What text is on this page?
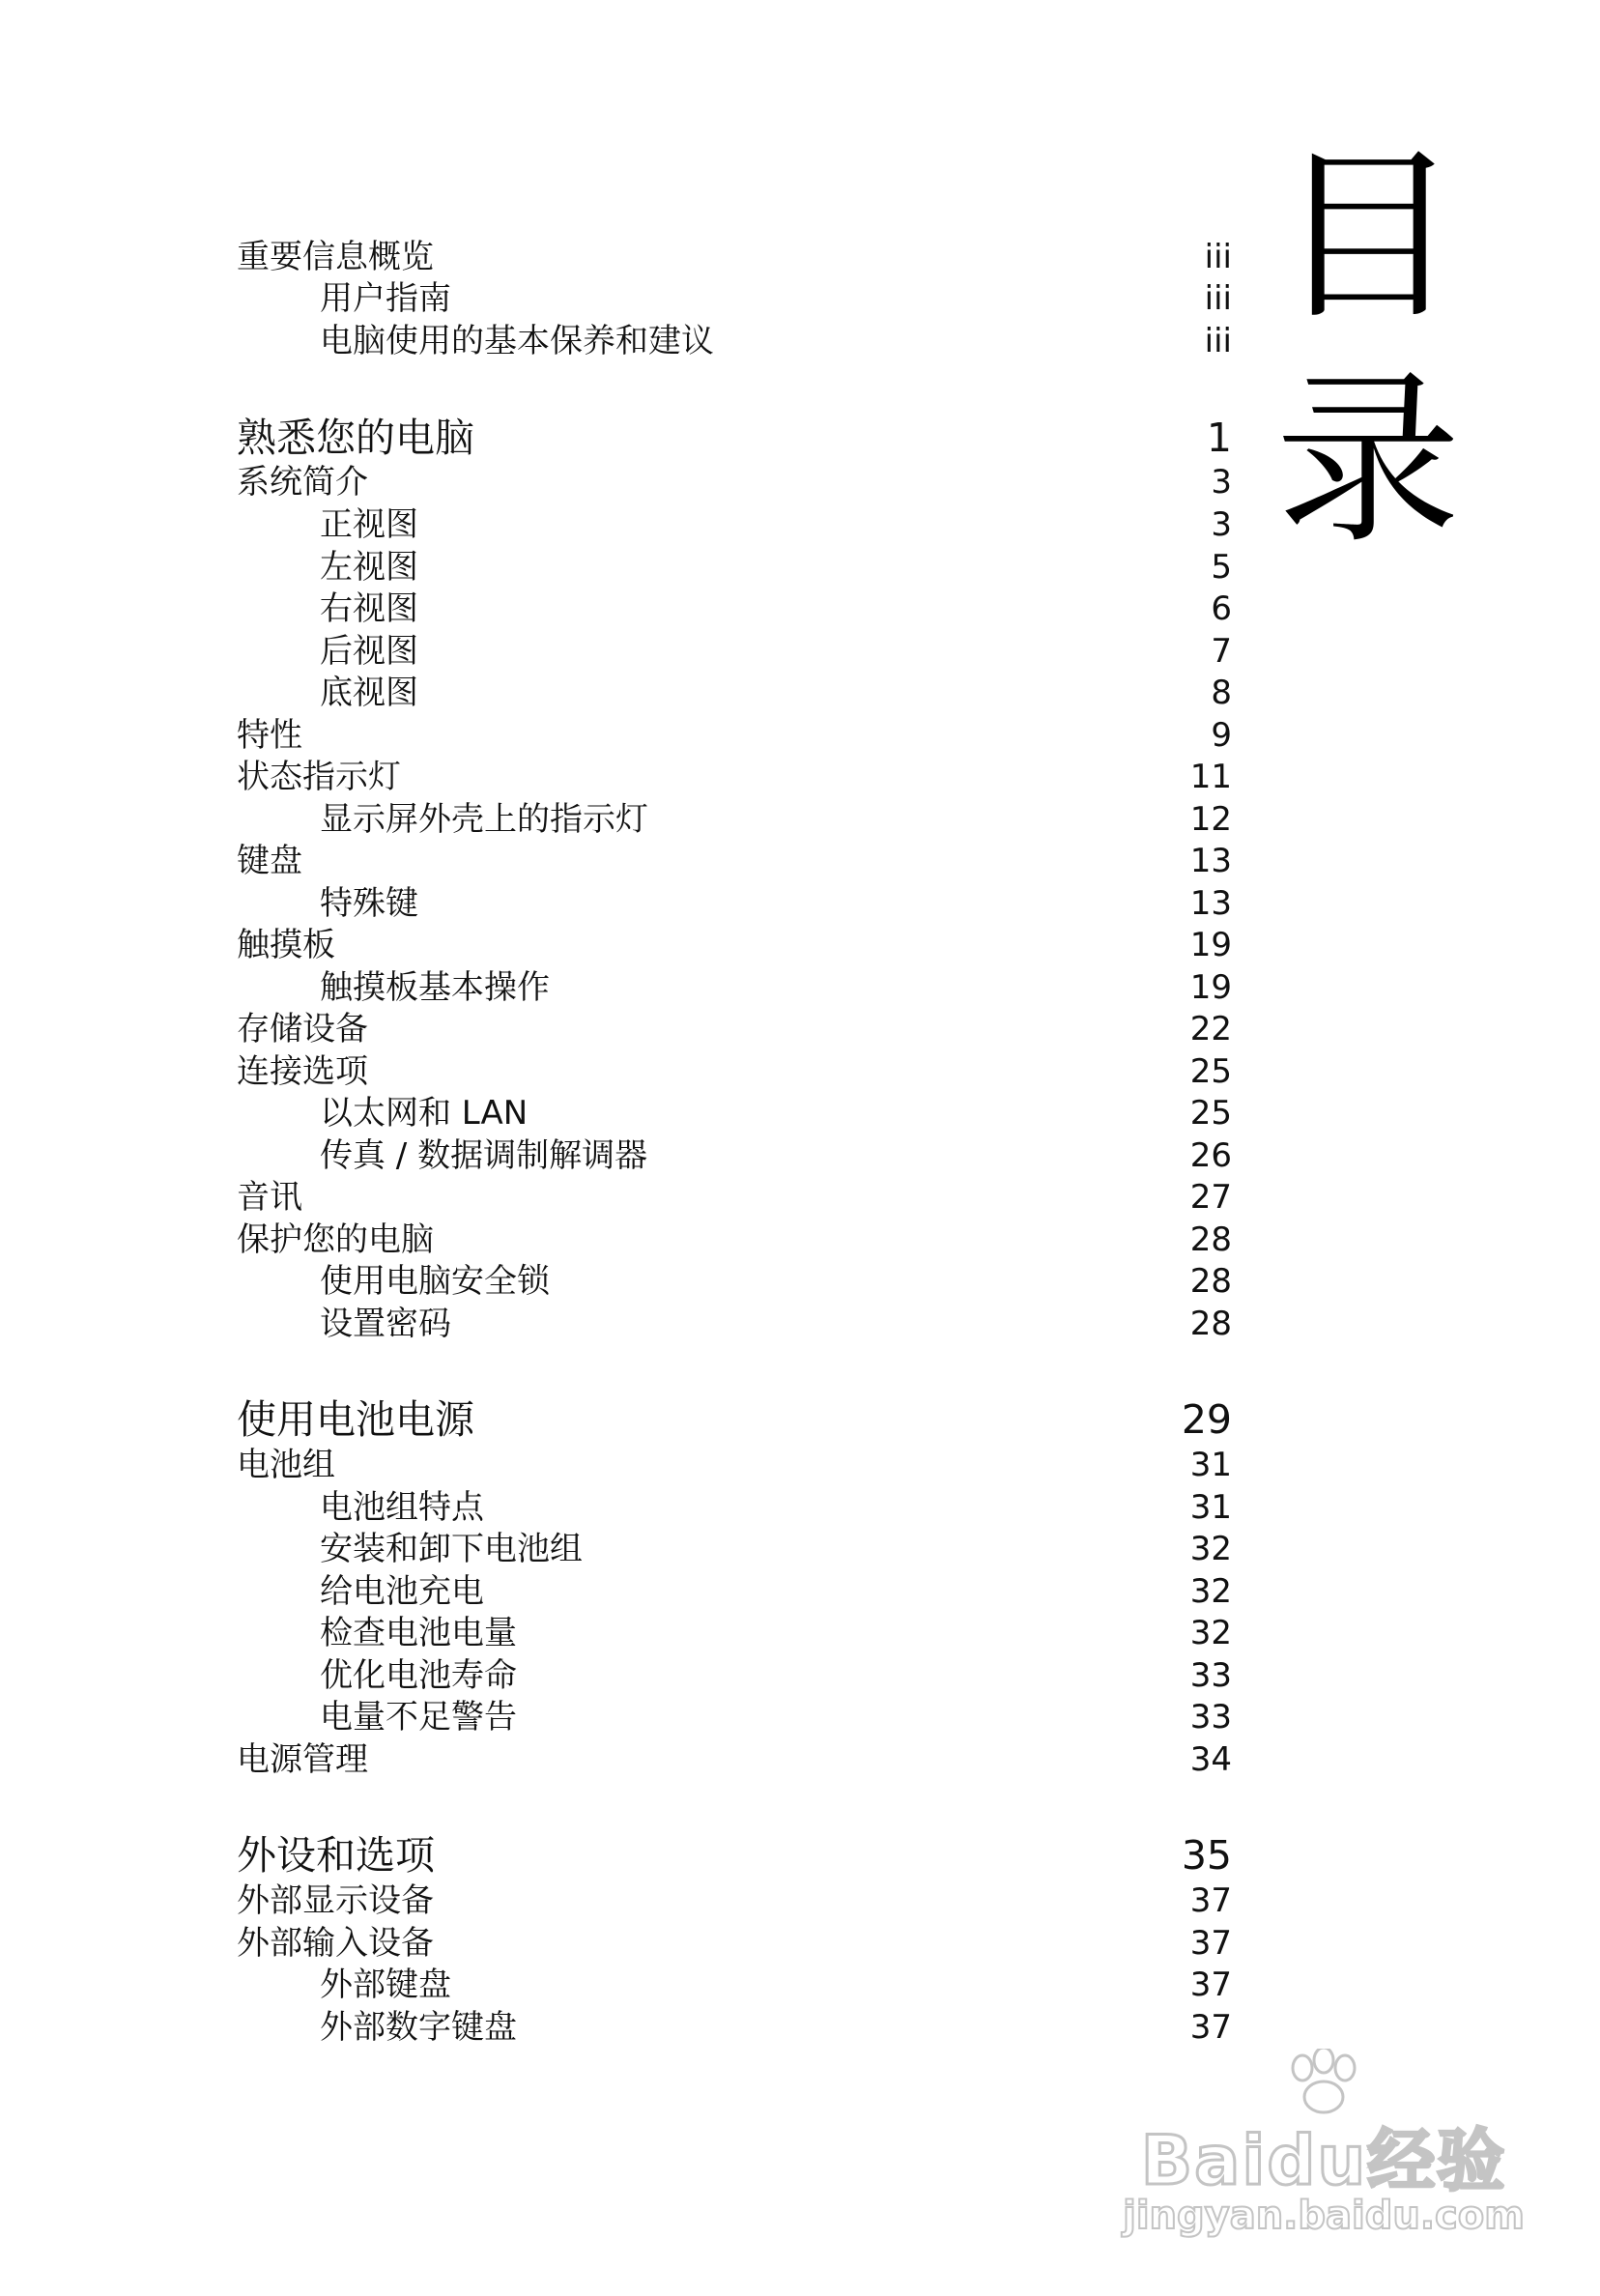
重要信息概览	iii
用户指南	iii
电脑使用的基本保养和建议	iii
熟悉您的电脑	1
系统简介	3
正视图	3
左视图	5
右视图	6
后视图	7
底视图	8
特性	9
状态指示灯	11
显示屏外壳上的指示灯	12
键盘	13
特殊键	13
触摸板	19
触摸板基本操作	19
存储设备	22
连接选项	25
以太网和 LAN	25
传真 / 数据调制解调器	26
音讯	27
保护您的电脑	28
使用电脑安全锁	28
设置密码	28
使用电池电源	29
电池组	31
电池组特点	31
安装和卸下电池组	32
给电池充电	32
检查电池电量	32
优化电池寿命	33
电量不足警告	33
电源管理	34
外设和选项	35
外部显示设备	37
外部输入设备	37
外部键盘	37
外部数字键盘	37
目
录
Baidu经验
jingyan.baidu.com
